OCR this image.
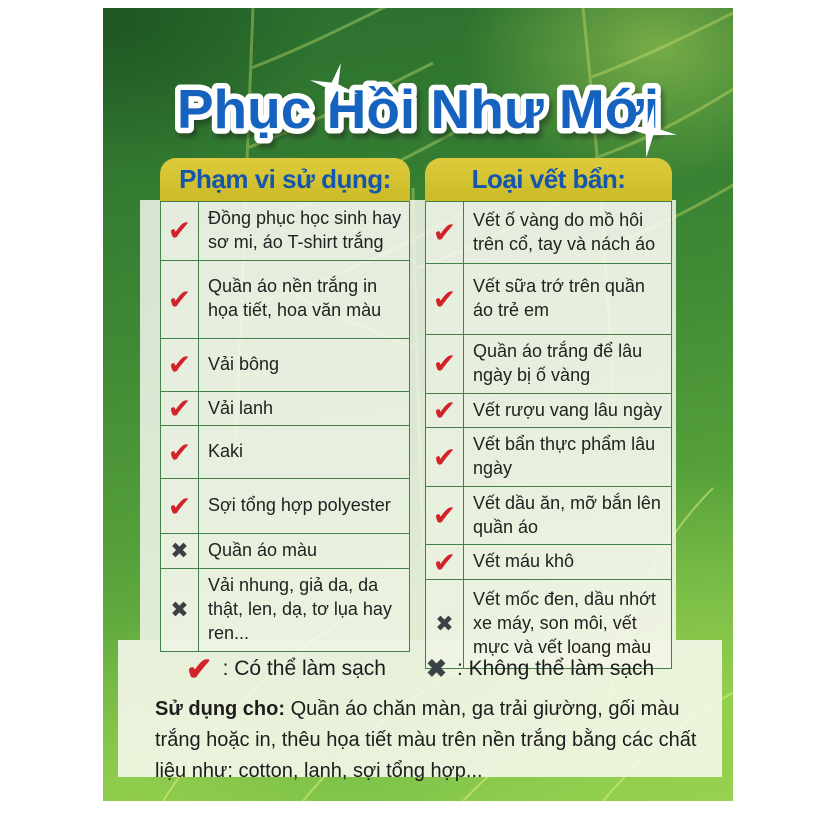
Phục Hồi Như Mới
Phạm vi sử dụng:
✔ Đồng phục học sinh hay sơ mi, áo T-shirt trắng
✔ Quần áo nền trắng in họa tiết, hoa văn màu
✔ Vải bông
✔ Vải lanh
✔ Kaki
✔ Sợi tổng hợp polyester
✖	Quần áo màu
✖
Vải nhung, giả da, da thật, len, dạ, tơ lụa hay ren...
Loại vết bẩn:
✔ Vết ố vàng do mồ hôi trên cổ, tay và nách áo
✔ Vết sữa trớ trên quần áo trẻ em
✔ Quần áo trắng để lâu ngày bị ố vàng
✔ Vết rượu vang lâu ngày
✔ Vết bẩn thực phẩm lâu ngày
✔ Vết dầu ăn, mỡ bắn lên quần áo
✔ Vết máu khô
✖
Vết mốc đen, dầu nhớt xe máy, son môi, vết mực và vết loang màu
✔ : Có thể làm sạch ✖ : Không thể làm sạch

Sử dụng cho: Quần áo chăn màn, ga trải giường, gối màu trắng hoặc in, thêu họa tiết màu trên nền trắng bằng các chất liệu như: cotton, lanh, sợi tổng hợp...
